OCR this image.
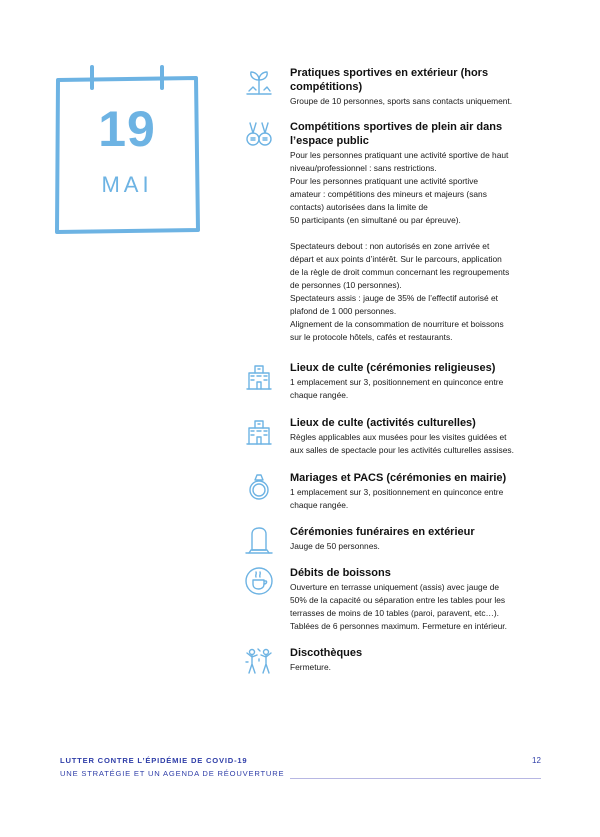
19
MAI
Pratiques sportives en extérieur (hors compétitions)

Groupe de 10 personnes, sports sans contacts uniquement.

Compétitions sportives de plein air dans l’espace public

Pour les personnes pratiquant une activité sportive de haut

niveau/professionnel : sans restrictions.

Pour les personnes pratiquant une activité sportive

amateur : compétitions des mineurs et majeurs (sans

contacts) autorisées dans la limite de

50 participants (en simultané ou par épreuve).

Spectateurs debout : non autorisés en zone arrivée et

départ et aux points d’intérêt. Sur le parcours, application

de la règle de droit commun concernant les regroupements

de personnes (10 personnes).

Spectateurs assis : jauge de 35% de l’effectif autorisé et

plafond de 1 000 personnes.

Alignement de la consommation de nourriture et boissons

sur le protocole hôtels, cafés et restaurants.

Lieux de culte (cérémonies religieuses)

1 emplacement sur 3, positionnement en quinconce entre

chaque rangée.

Lieux de culte (activités culturelles)

Règles applicables aux musées pour les visites guidées et

aux salles de spectacle pour les activités culturelles assises.

Mariages et PACS (cérémonies en mairie)

1 emplacement sur 3, positionnement en quinconce entre

chaque rangée.

Cérémonies funéraires en extérieur

Jauge de 50 personnes.

Débits de boissons

Ouverture en terrasse uniquement (assis) avec jauge de

50% de la capacité ou séparation entre les tables pour les

terrasses de moins de 10 tables (paroi, paravent, etc…).

Tablées de 6 personnes maximum. Fermeture en intérieur.

Discothèques

Fermeture.

LUTTER CONTRE L’ÉPIDÉMIE DE COVID-19
UNE STRATÉGIE ET UN AGENDA DE RÉOUVERTURE
12
